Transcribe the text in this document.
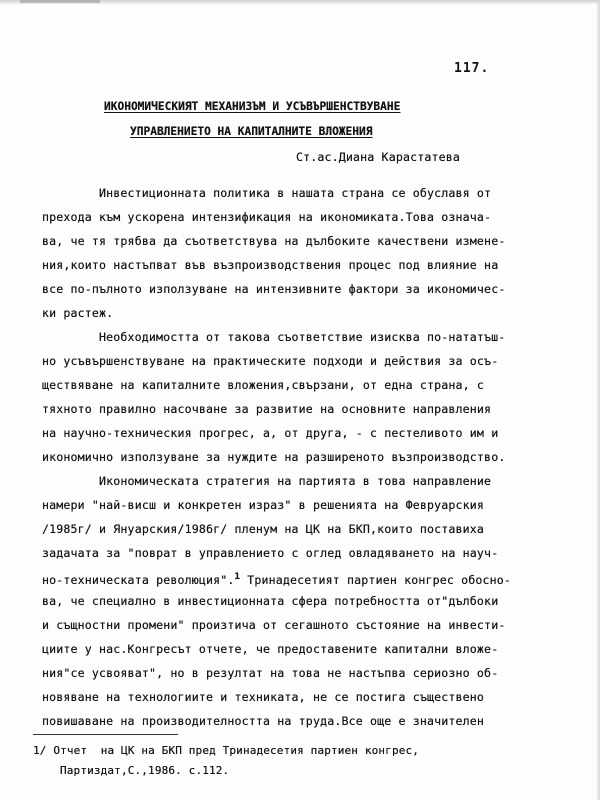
117.
ИКОНОМИЧЕСКИЯТ МЕХАНИЗЪМ И УСЪВЪРШЕНСТВУВАНЕ
УПРАВЛЕНИЕТО НА КАПИТАЛНИТЕ ВЛОЖЕНИЯ
Ст.ас.Диана Карастатева
Инвестиционната политика в нашата страна се обуславя от
прехода към ускорена интензификация на икономиката.Това означа-
ва, че тя трябва да съответствува на дълбоките качествени измене-
ния,които настъпват във възпроизводствения процес под влияние на
все по-пълното използуване на интензивните фактори за икономичес-
ки растеж.
Необходимостта от такова съответствие изисква по-нататъш-
но усъвършенствуване на практическите подходи и действия за осъ-
ществяване на капиталните вложения,свързани, от една страна, с
тяхното правилно насочване за развитие на основните направления
на научно-техническия прогрес, а, от друга, - с пестеливото им и
икономично използуване за нуждите на разширеното възпроизводство.
Икономическата стратегия на партията в това направление
намери "най-висш и конкретен израз" в решенията на Февруарския
/1985г/ и Януарския/1986г/ пленум на ЦК на БКП,които поставиха
задачата за "поврат в управлението с оглед овладяването на науч-
но-техническата революция".$^1$ Тринадесетият партиен конгрес обоснo-
ва, че специално в инвестиционната сфера потребността от"дълбоки
и същностни промени" произтича от сегашното състояние на инвести-
циите у нас.Конгресът отчете, че предоставените капитални вложе-
ния"се усвояват", но в резултат на това не настъпва сериозно об-
новяване на технологиите и техниката, не се постига съществено
повишаване на производителността на труда.Все още е значителен
1/ Отчет  на ЦК на БКП пред Тринадесетия партиен конгрес,
Партиздат,С.,1986. с.112.
